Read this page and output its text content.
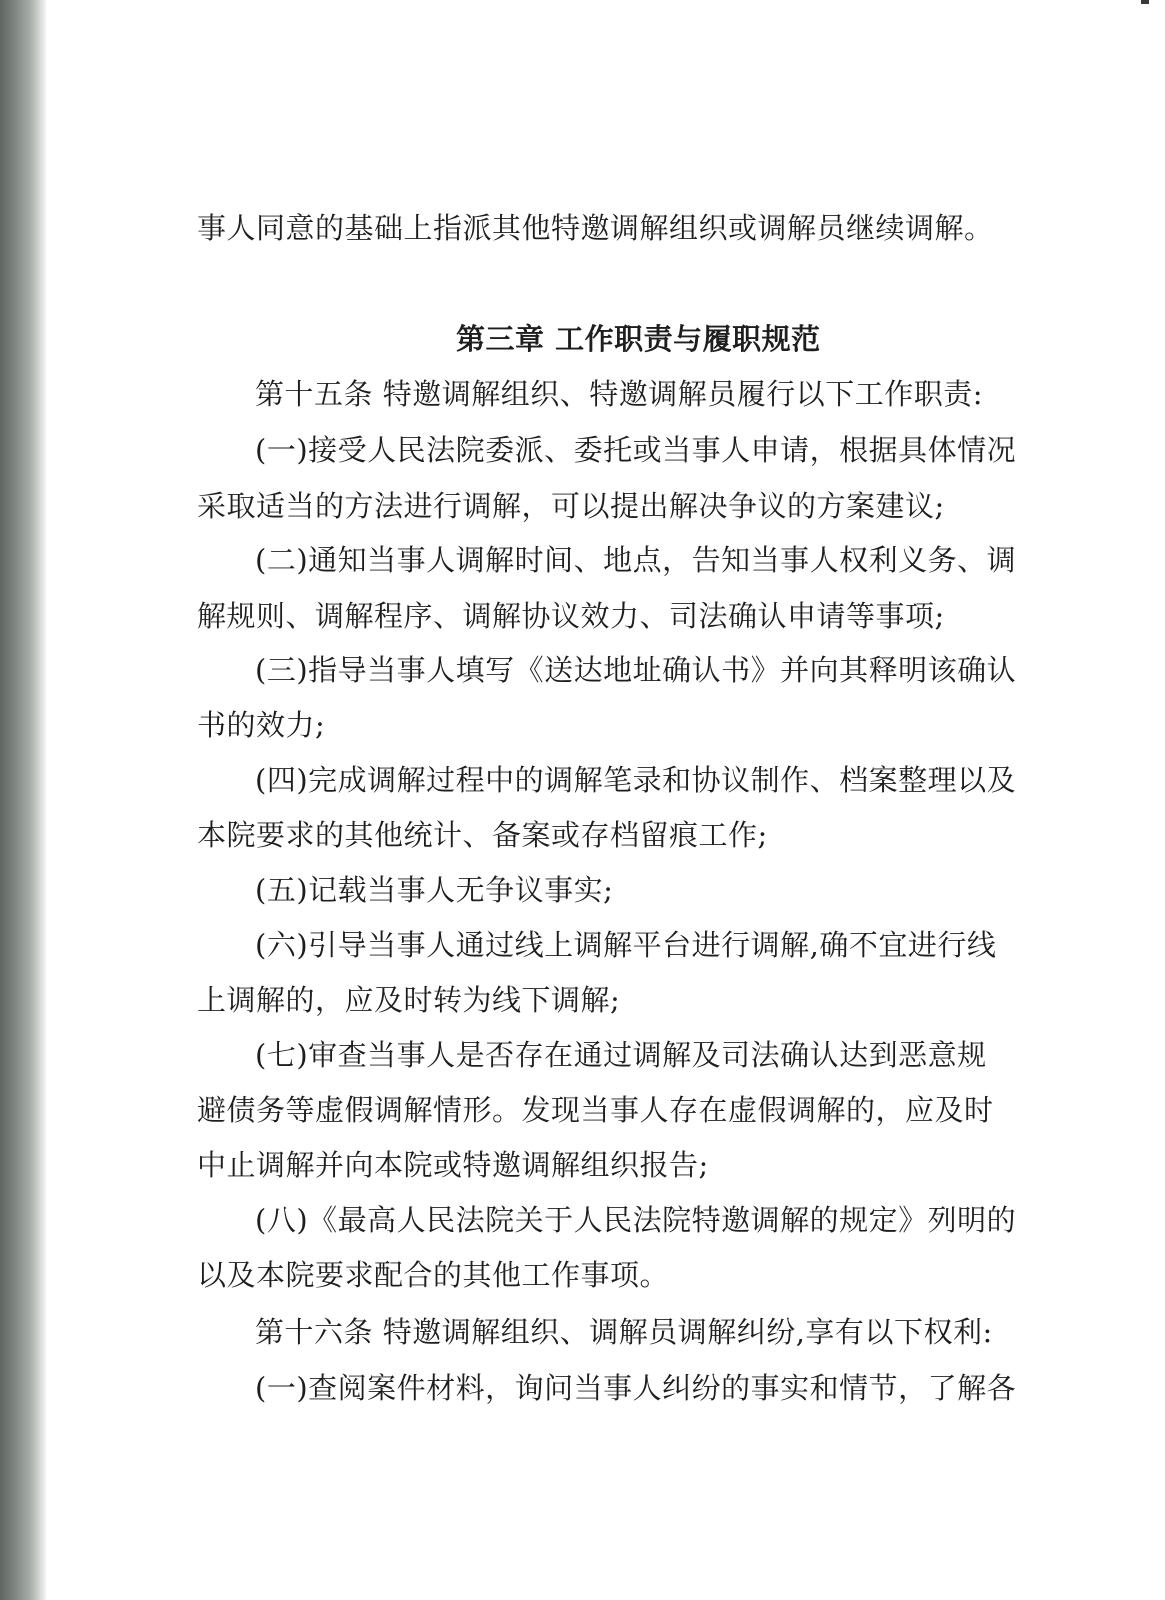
事人同意的基础上指派其他特邀调解组织或调解员继续调解。

第三章 工作职责与履职规范

第十五条 特邀调解组织、特邀调解员履行以下工作职责:

(一)接受人民法院委派、委托或当事人申请，根据具体情况

采取适当的方法进行调解，可以提出解决争议的方案建议;

(二)通知当事人调解时间、地点，告知当事人权利义务、调

解规则、调解程序、调解协议效力、司法确认申请等事项;

(三)指导当事人填写《送达地址确认书》并向其释明该确认

书的效力;

(四)完成调解过程中的调解笔录和协议制作、档案整理以及

本院要求的其他统计、备案或存档留痕工作;

(五)记载当事人无争议事实;

(六)引导当事人通过线上调解平台进行调解,确不宜进行线

上调解的，应及时转为线下调解;

(七)审查当事人是否存在通过调解及司法确认达到恶意规

避债务等虚假调解情形。发现当事人存在虚假调解的，应及时

中止调解并向本院或特邀调解组织报告;

(八)《最高人民法院关于人民法院特邀调解的规定》列明的

以及本院要求配合的其他工作事项。

第十六条 特邀调解组织、调解员调解纠纷,享有以下权利:

(一)查阅案件材料，询问当事人纠纷的事实和情节，了解各
